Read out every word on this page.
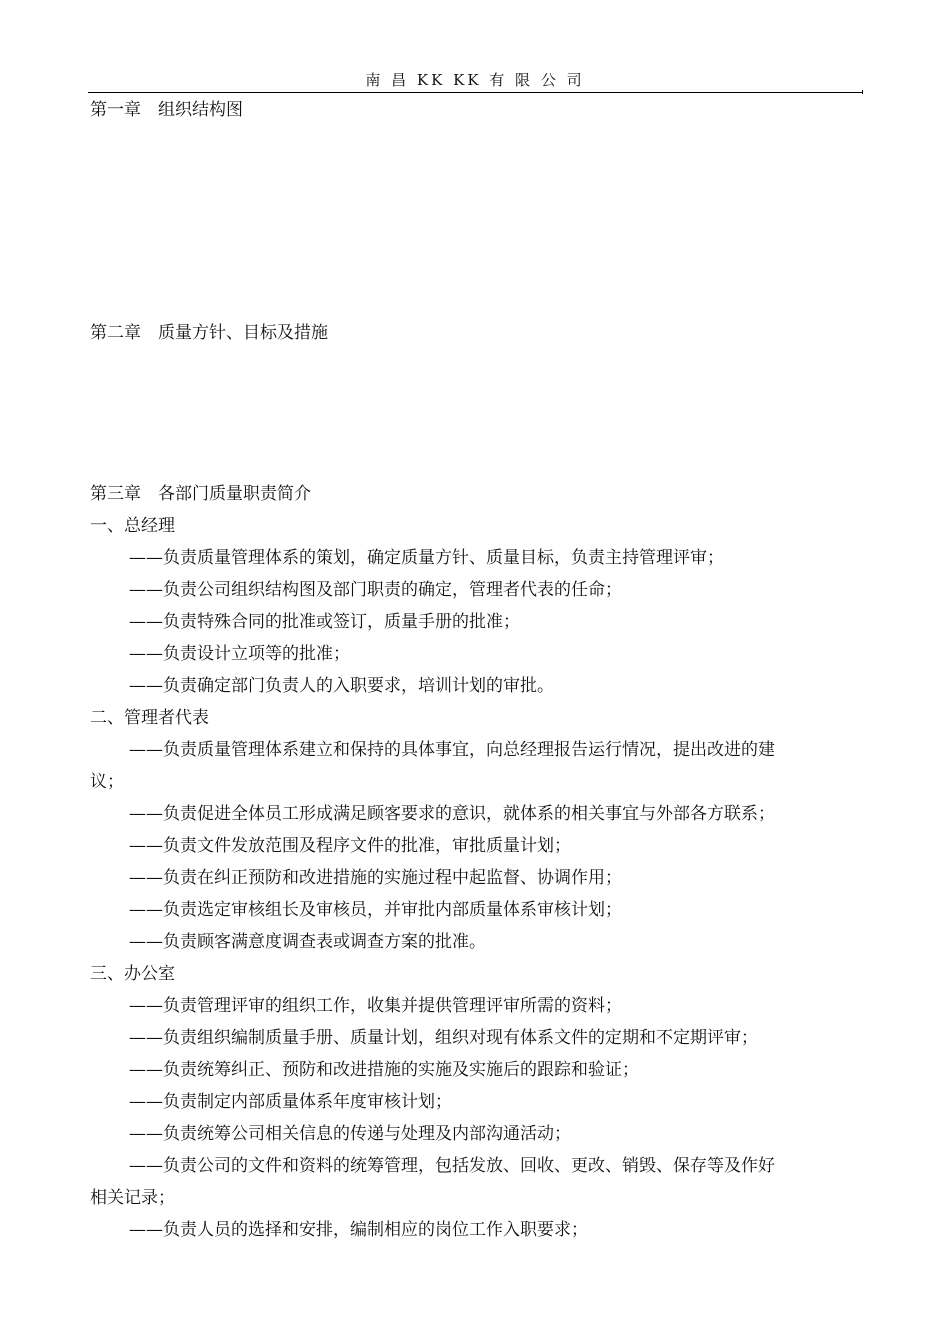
南 昌 KK KK 有 限 公 司
第一章　组织结构图
第二章　质量方针、目标及措施
第三章　各部门质量职责简介
一、总经理
——负责质量管理体系的策划，确定质量方针、质量目标，负责主持管理评审；
——负责公司组织结构图及部门职责的确定，管理者代表的任命；
——负责特殊合同的批准或签订，质量手册的批准；
——负责设计立项等的批准；
——负责确定部门负责人的入职要求，培训计划的审批。
二、管理者代表
——负责质量管理体系建立和保持的具体事宜，向总经理报告运行情况，提出改进的建
议；
——负责促进全体员工形成满足顾客要求的意识，就体系的相关事宜与外部各方联系；
——负责文件发放范围及程序文件的批准，审批质量计划；
——负责在纠正预防和改进措施的实施过程中起监督、协调作用；
——负责选定审核组长及审核员，并审批内部质量体系审核计划；
——负责顾客满意度调查表或调查方案的批准。
三、办公室
——负责管理评审的组织工作，收集并提供管理评审所需的资料；
——负责组织编制质量手册、质量计划，组织对现有体系文件的定期和不定期评审；
——负责统筹纠正、预防和改进措施的实施及实施后的跟踪和验证；
——负责制定内部质量体系年度审核计划；
——负责统筹公司相关信息的传递与处理及内部沟通活动；
——负责公司的文件和资料的统筹管理，包括发放、回收、更改、销毁、保存等及作好
相关记录；
——负责人员的选择和安排，编制相应的岗位工作入职要求；
